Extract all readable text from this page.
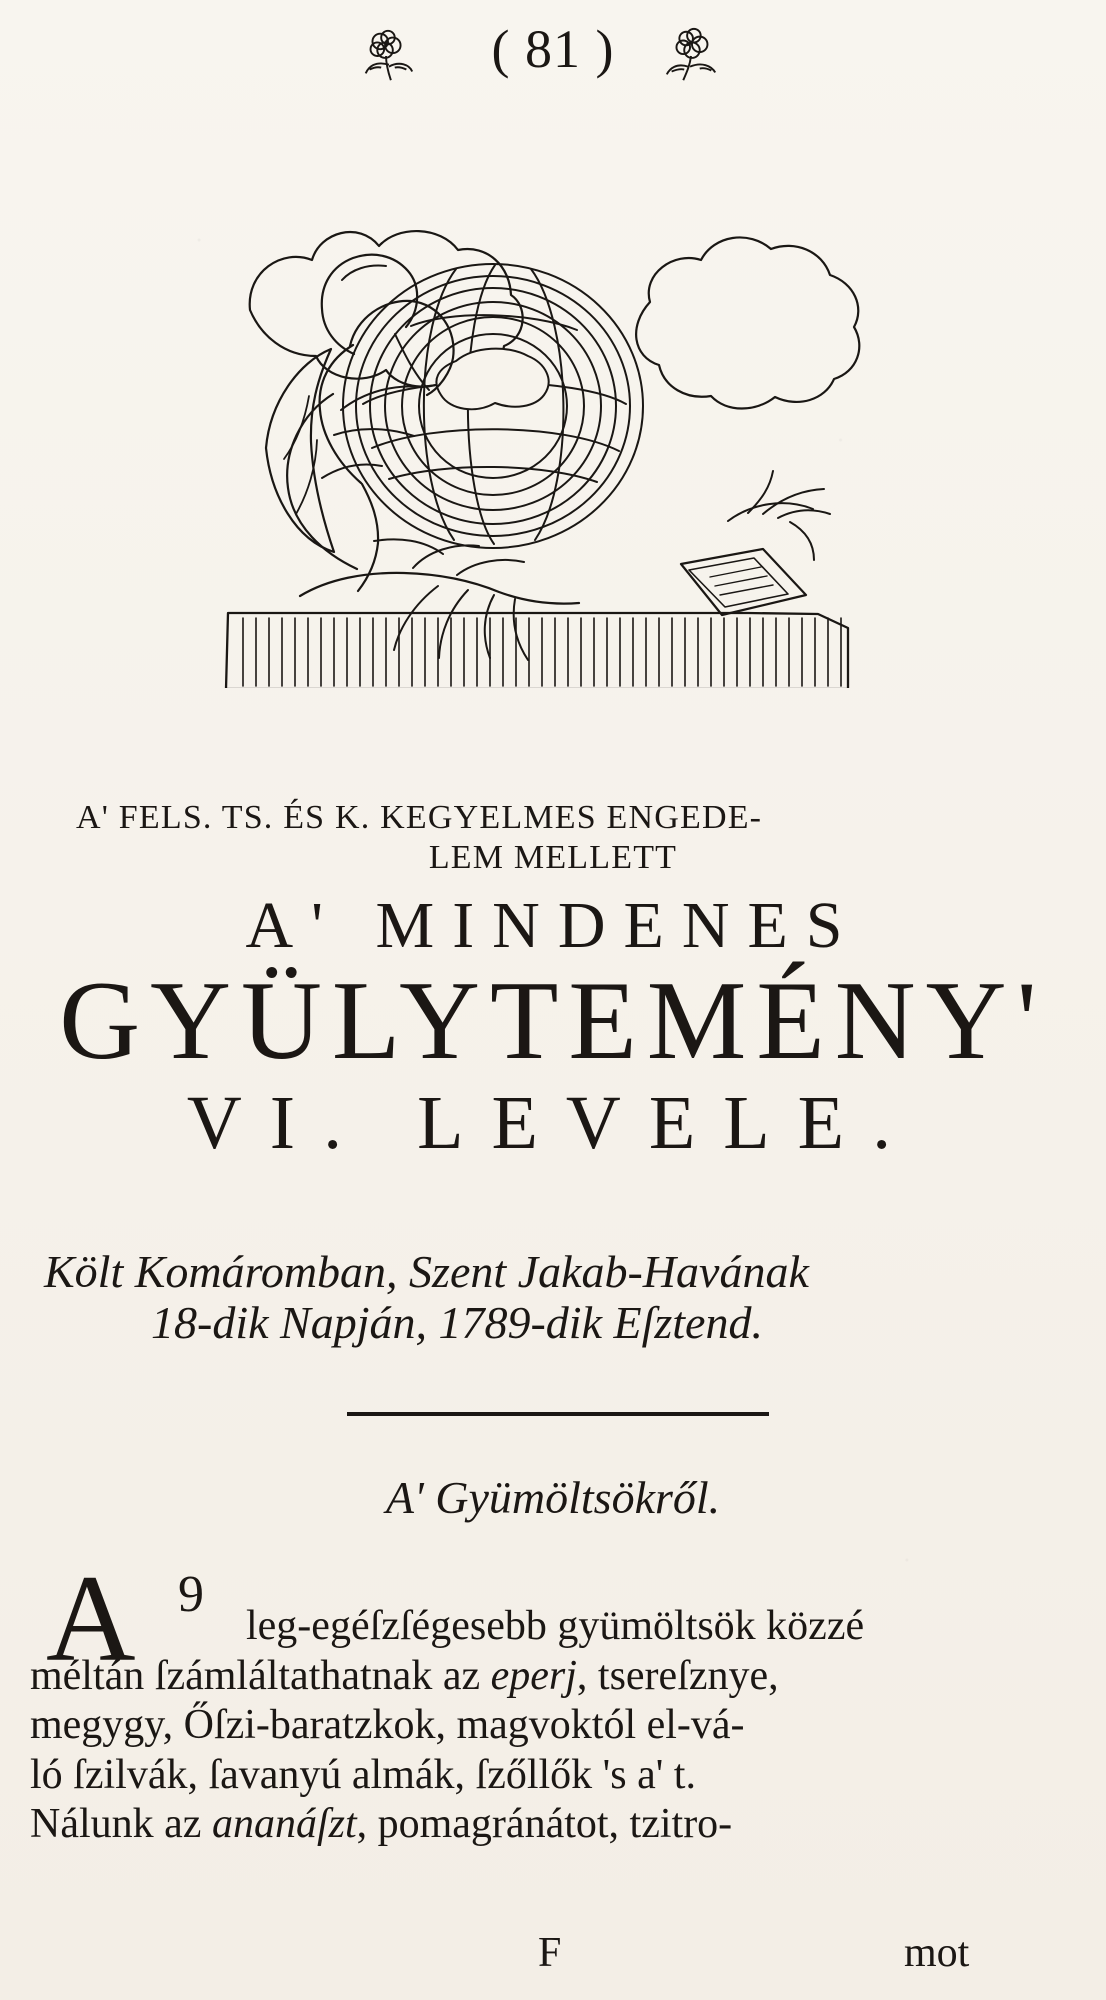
( 81 )
A' FELS. TS. ÉS K. KEGYELMES ENGEDE-
LEM MELLETT
A' MINDENES
GYÜLYTEMÉNY'
VI. LEVELE.
Költ Komáromban, Szent Jakab-Havának
18-dik Napján, 1789-dik Eſztend.
A' Gyümöltsökről.
A 9
leg-egéſzſégesebb gyümöltsök közzé
méltán ſzámláltathatnak az eperj, tsereſznye,
megygy, Őſzi-baratzkok, magvoktól el-vá-
ló ſzilvák, ſavanyú almák, ſzőllők 's a' t.
Nálunk az ananáſzt, pomagránátot, tzitro-
F	mot
